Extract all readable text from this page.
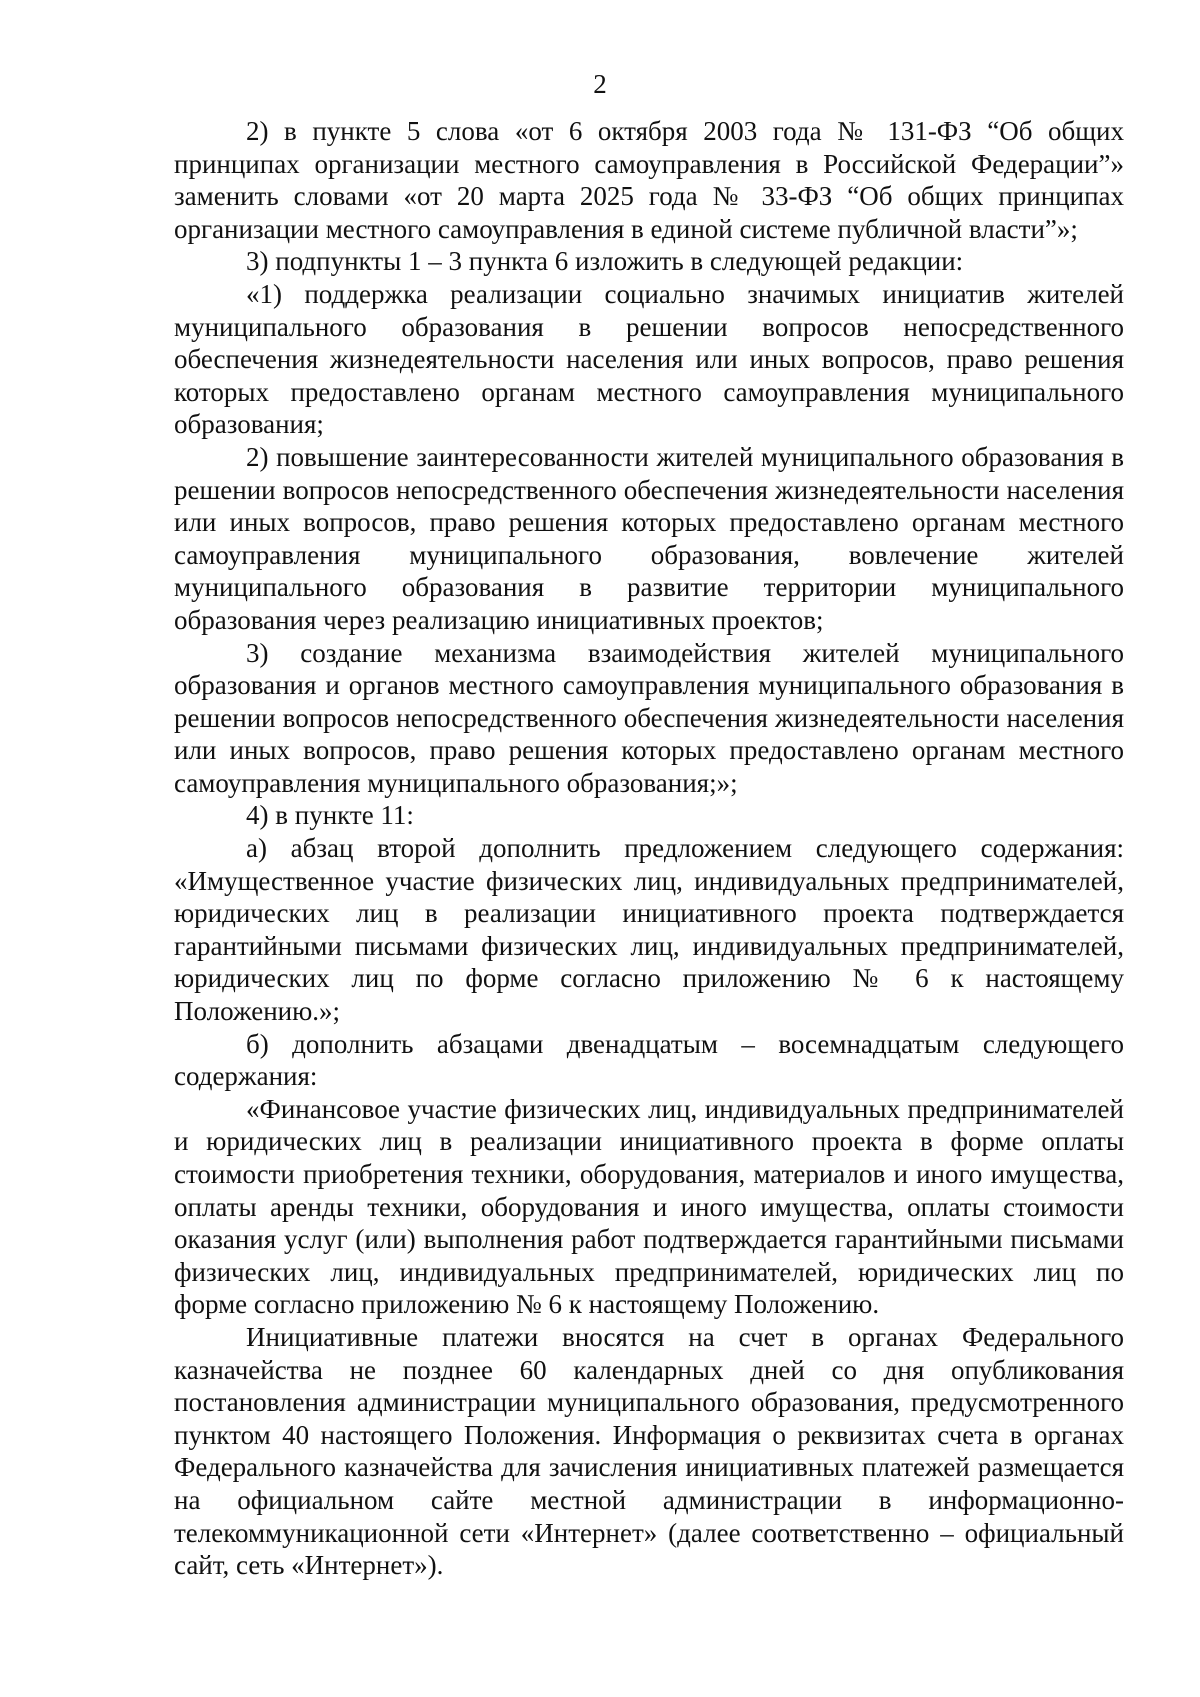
2

2) в пункте 5 слова «от 6 октября 2003 года № 131-ФЗ “Об общих принципах организации местного самоуправления в Российской Федерации”» заменить словами «от 20 марта 2025 года № 33-ФЗ “Об общих принципах организации местного самоуправления в единой системе публичной власти”»;

3) подпункты 1 – 3 пункта 6 изложить в следующей редакции:

«1) поддержка реализации социально значимых инициатив жителей муниципального образования в решении вопросов непосредственного обеспечения жизнедеятельности населения или иных вопросов, право решения которых предоставлено органам местного самоуправления муниципального образования;

2) повышение заинтересованности жителей муниципального образования в решении вопросов непосредственного обеспечения жизнедеятельности населения или иных вопросов, право решения которых предоставлено органам местного самоуправления муниципального образования, вовлечение жителей муниципального образования в развитие территории муниципального образования через реализацию инициативных проектов;

3) создание механизма взаимодействия жителей муниципального образования и органов местного самоуправления муниципального образования в решении вопросов непосредственного обеспечения жизнедеятельности населения или иных вопросов, право решения которых предоставлено органам местного самоуправления муниципального образования;»;

4) в пункте 11:

а) абзац второй дополнить предложением следующего содержания: «Имущественное участие физических лиц, индивидуальных предпринимателей, юридических лиц в реализации инициативного проекта подтверждается гарантийными письмами физических лиц, индивидуальных предпринимателей, юридических лиц по форме согласно приложению № 6 к настоящему Положению.»;

б) дополнить абзацами двенадцатым – восемнадцатым следующего содержания:

«Финансовое участие физических лиц, индивидуальных предпринимателей и юридических лиц в реализации инициативного проекта в форме оплаты стоимости приобретения техники, оборудования, материалов и иного имущества, оплаты аренды техники, оборудования и иного имущества, оплаты стоимости оказания услуг (или) выполнения работ подтверждается гарантийными письмами физических лиц, индивидуальных предпринимателей, юридических лиц по форме согласно приложению № 6 к настоящему Положению.

Инициативные платежи вносятся на счет в органах Федерального казначейства не позднее 60 календарных дней со дня опубликования постановления администрации муниципального образования, предусмотренного пунктом 40 настоящего Положения. Информация о реквизитах счета в органах Федерального казначейства для зачисления инициативных платежей размещается на официальном сайте местной администрации в информационно-телекоммуникационной сети «Интернет» (далее соответственно – официальный сайт, сеть «Интернет»).
